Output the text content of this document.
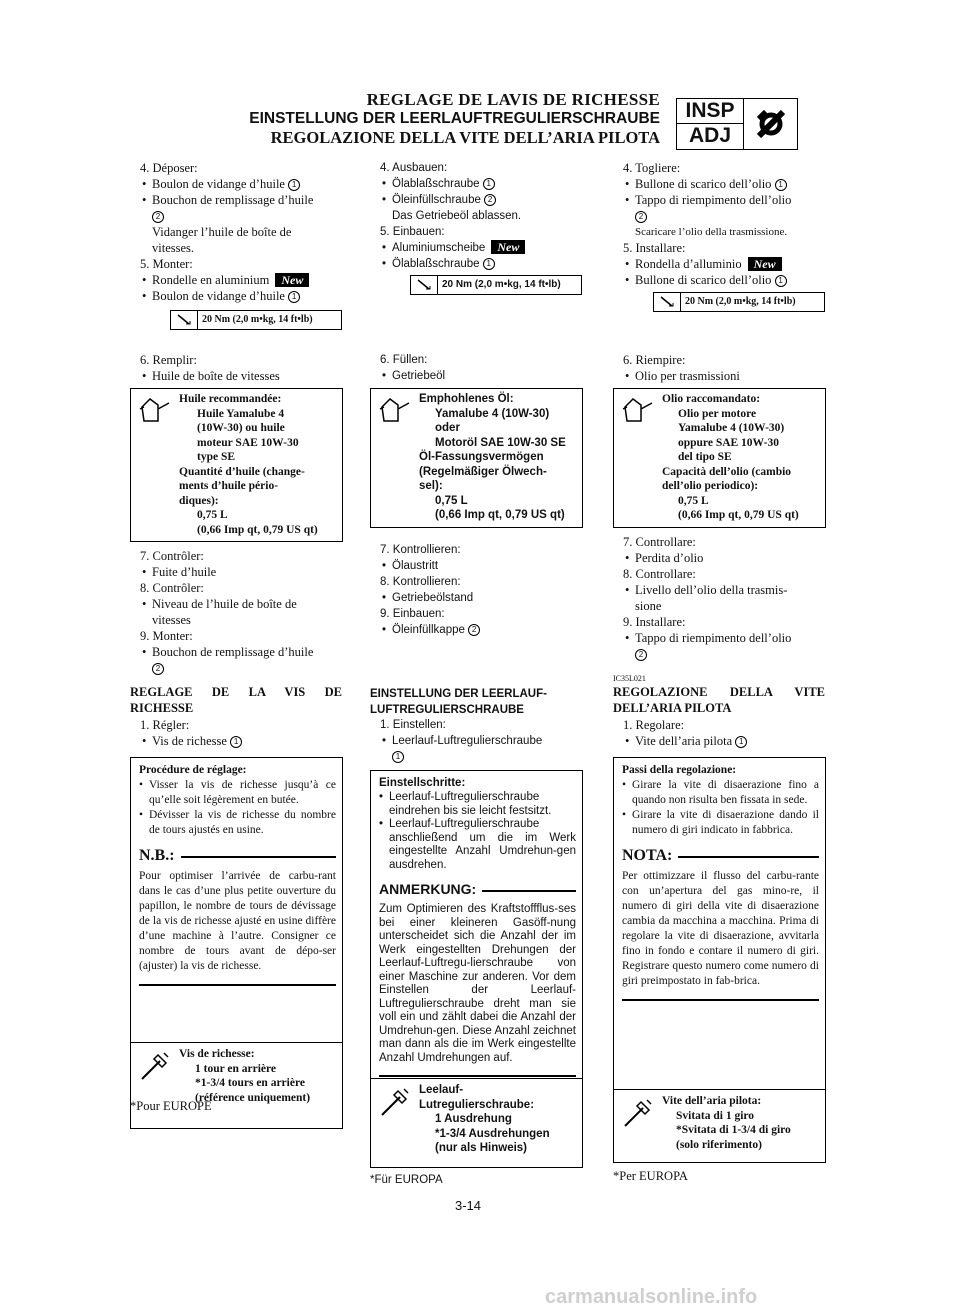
REGLAGE DE LAVIS DE RICHESSE
EINSTELLUNG DER LEERLAUFTREGULIERSCHRAUBE
REGOLAZIONE DELLA VITE DELL’ARIA PILOTA
INSP
ADJ
4. Déposer:
• Boulon de vidange d’huile 1
• Bouchon de remplissage d’huile
2
Vidanger l’huile de boîte de
vitesses.
5. Monter:
• Rondelle en aluminium New
• Boulon de vidange d’huile 1
20 Nm (2,0 m•kg, 14 ft•lb)
6. Remplir:
• Huile de boîte de vitesses
Huile recommandée:
Huile Yamalube 4
(10W-30) ou huile
moteur SAE 10W-30
type SE
Quantité d’huile (change-
ments d’huile pério-
diques):
0,75 L
(0,66 Imp qt, 0,79 US qt)
7. Contrôler:
• Fuite d’huile
8. Contrôler:
• Niveau de l’huile de boîte de
vitesses
9. Monter:
• Bouchon de remplissage d’huile
2
REGLAGE DE LA VIS DE
RICHESSE
1. Régler:
• Vis de richesse 1
Procédure de réglage:
• Visser la vis de richesse jusqu’à ce qu’elle soit légèrement en butée.
• Dévisser la vis de richesse du nombre de tours ajustés en usine.
N.B.:
Pour optimiser l’arrivée de carbu-rant dans le cas d’une plus petite ouverture du papillon, le nombre de tours de dévissage de la vis de richesse ajusté en usine diffère d’une machine à l’autre. Consigner ce nombre de tours avant de dépo-ser (ajuster) la vis de richesse.
Vis de richesse:
1 tour en arrière
*1-3/4 tours en arrière
(référence uniquement)
*Pour EUROPE
4. Ausbauen:
• Ölablaßschraube 1
• Öleinfüllschraube 2
Das Getriebeöl ablassen.
5. Einbauen:
• Aluminiumscheibe New
• Ölablaßschraube 1
20 Nm (2,0 m•kg, 14 ft•lb)
6. Füllen:
• Getriebeöl
Emphohlenes Öl:
Yamalube 4 (10W-30)
oder
Motoröl SAE 10W-30 SE
Öl-Fassungsvermögen
(Regelmäßiger Ölwech-
sel):
0,75 L
(0,66 Imp qt, 0,79 US qt)
7. Kontrollieren:
• Ölaustritt
8. Kontrollieren:
• Getriebeölstand
9. Einbauen:
• Öleinfüllkappe 2
EINSTELLUNG DER LEERLAUF-
LUFTREGULIERSCHRAUBE
1. Einstellen:
• Leerlauf-Luftregulierschraube
1
Einstellschritte:
• Leerlauf-Luftregulierschraube eindrehen bis sie leicht festsitzt.
• Leerlauf-Luftregulierschraube anschließend um die im Werk eingestellte Anzahl Umdrehun-gen ausdrehen.
ANMERKUNG:
Zum Optimieren des Kraftstoffflus-ses bei einer kleineren Gasöff-nung unterscheidet sich die Anzahl der im Werk eingestellten Drehungen der Leerlauf-Luftregu-lierschraube von einer Maschine zur anderen. Vor dem Einstellen der Leerlauf-Luftregulierschraube dreht man sie voll ein und zählt dabei die Anzahl der Umdrehun-gen. Diese Anzahl zeichnet man dann als die im Werk eingestellte Anzahl Umdrehungen auf.
Leelauf-
Lutregulierschraube:
1 Ausdrehung
*1-3/4 Ausdrehungen
(nur als Hinweis)
*Für EUROPA
4. Togliere:
• Bullone di scarico dell’olio 1
• Tappo di riempimento dell’olio
2
Scaricare l’olio della trasmissione.
5. Installare:
• Rondella d’alluminio New
• Bullone di scarico dell’olio 1
20 Nm (2,0 m•kg, 14 ft•lb)
6. Riempire:
• Olio per trasmissioni
Olio raccomandato:
Olio per motore
Yamalube 4 (10W-30)
oppure SAE 10W-30
del tipo SE
Capacità dell’olio (cambio
dell’olio periodico):
0,75 L
(0,66 Imp qt, 0,79 US qt)
7. Controllare:
• Perdita d’olio
8. Controllare:
• Livello dell’olio della trasmis-
sione
9. Installare:
• Tappo di riempimento dell’olio
2
IC35L021
REGOLAZIONE DELLA VITE
DELL’ARIA PILOTA
1. Regolare:
• Vite dell’aria pilota 1
Passi della regolazione:
• Girare la vite di disaerazione fino a quando non risulta ben fissata in sede.
• Girare la vite di disaerazione dando il numero di giri indicato in fabbrica.
NOTA:
Per ottimizzare il flusso del carbu-rante con un’apertura del gas mino-re, il numero di giri della vite di disaerazione cambia da macchina a macchina. Prima di regolare la vite di disaerazione, avvitarla fino in fondo e contare il numero di giri. Registrare questo numero come numero di giri preimpostato in fab-brica.
Vite dell’aria pilota:
Svitata di 1 giro
*Svitata di 1-3/4 di giro
(solo riferimento)
*Per EUROPA
3-14
carmanualsonline.info
